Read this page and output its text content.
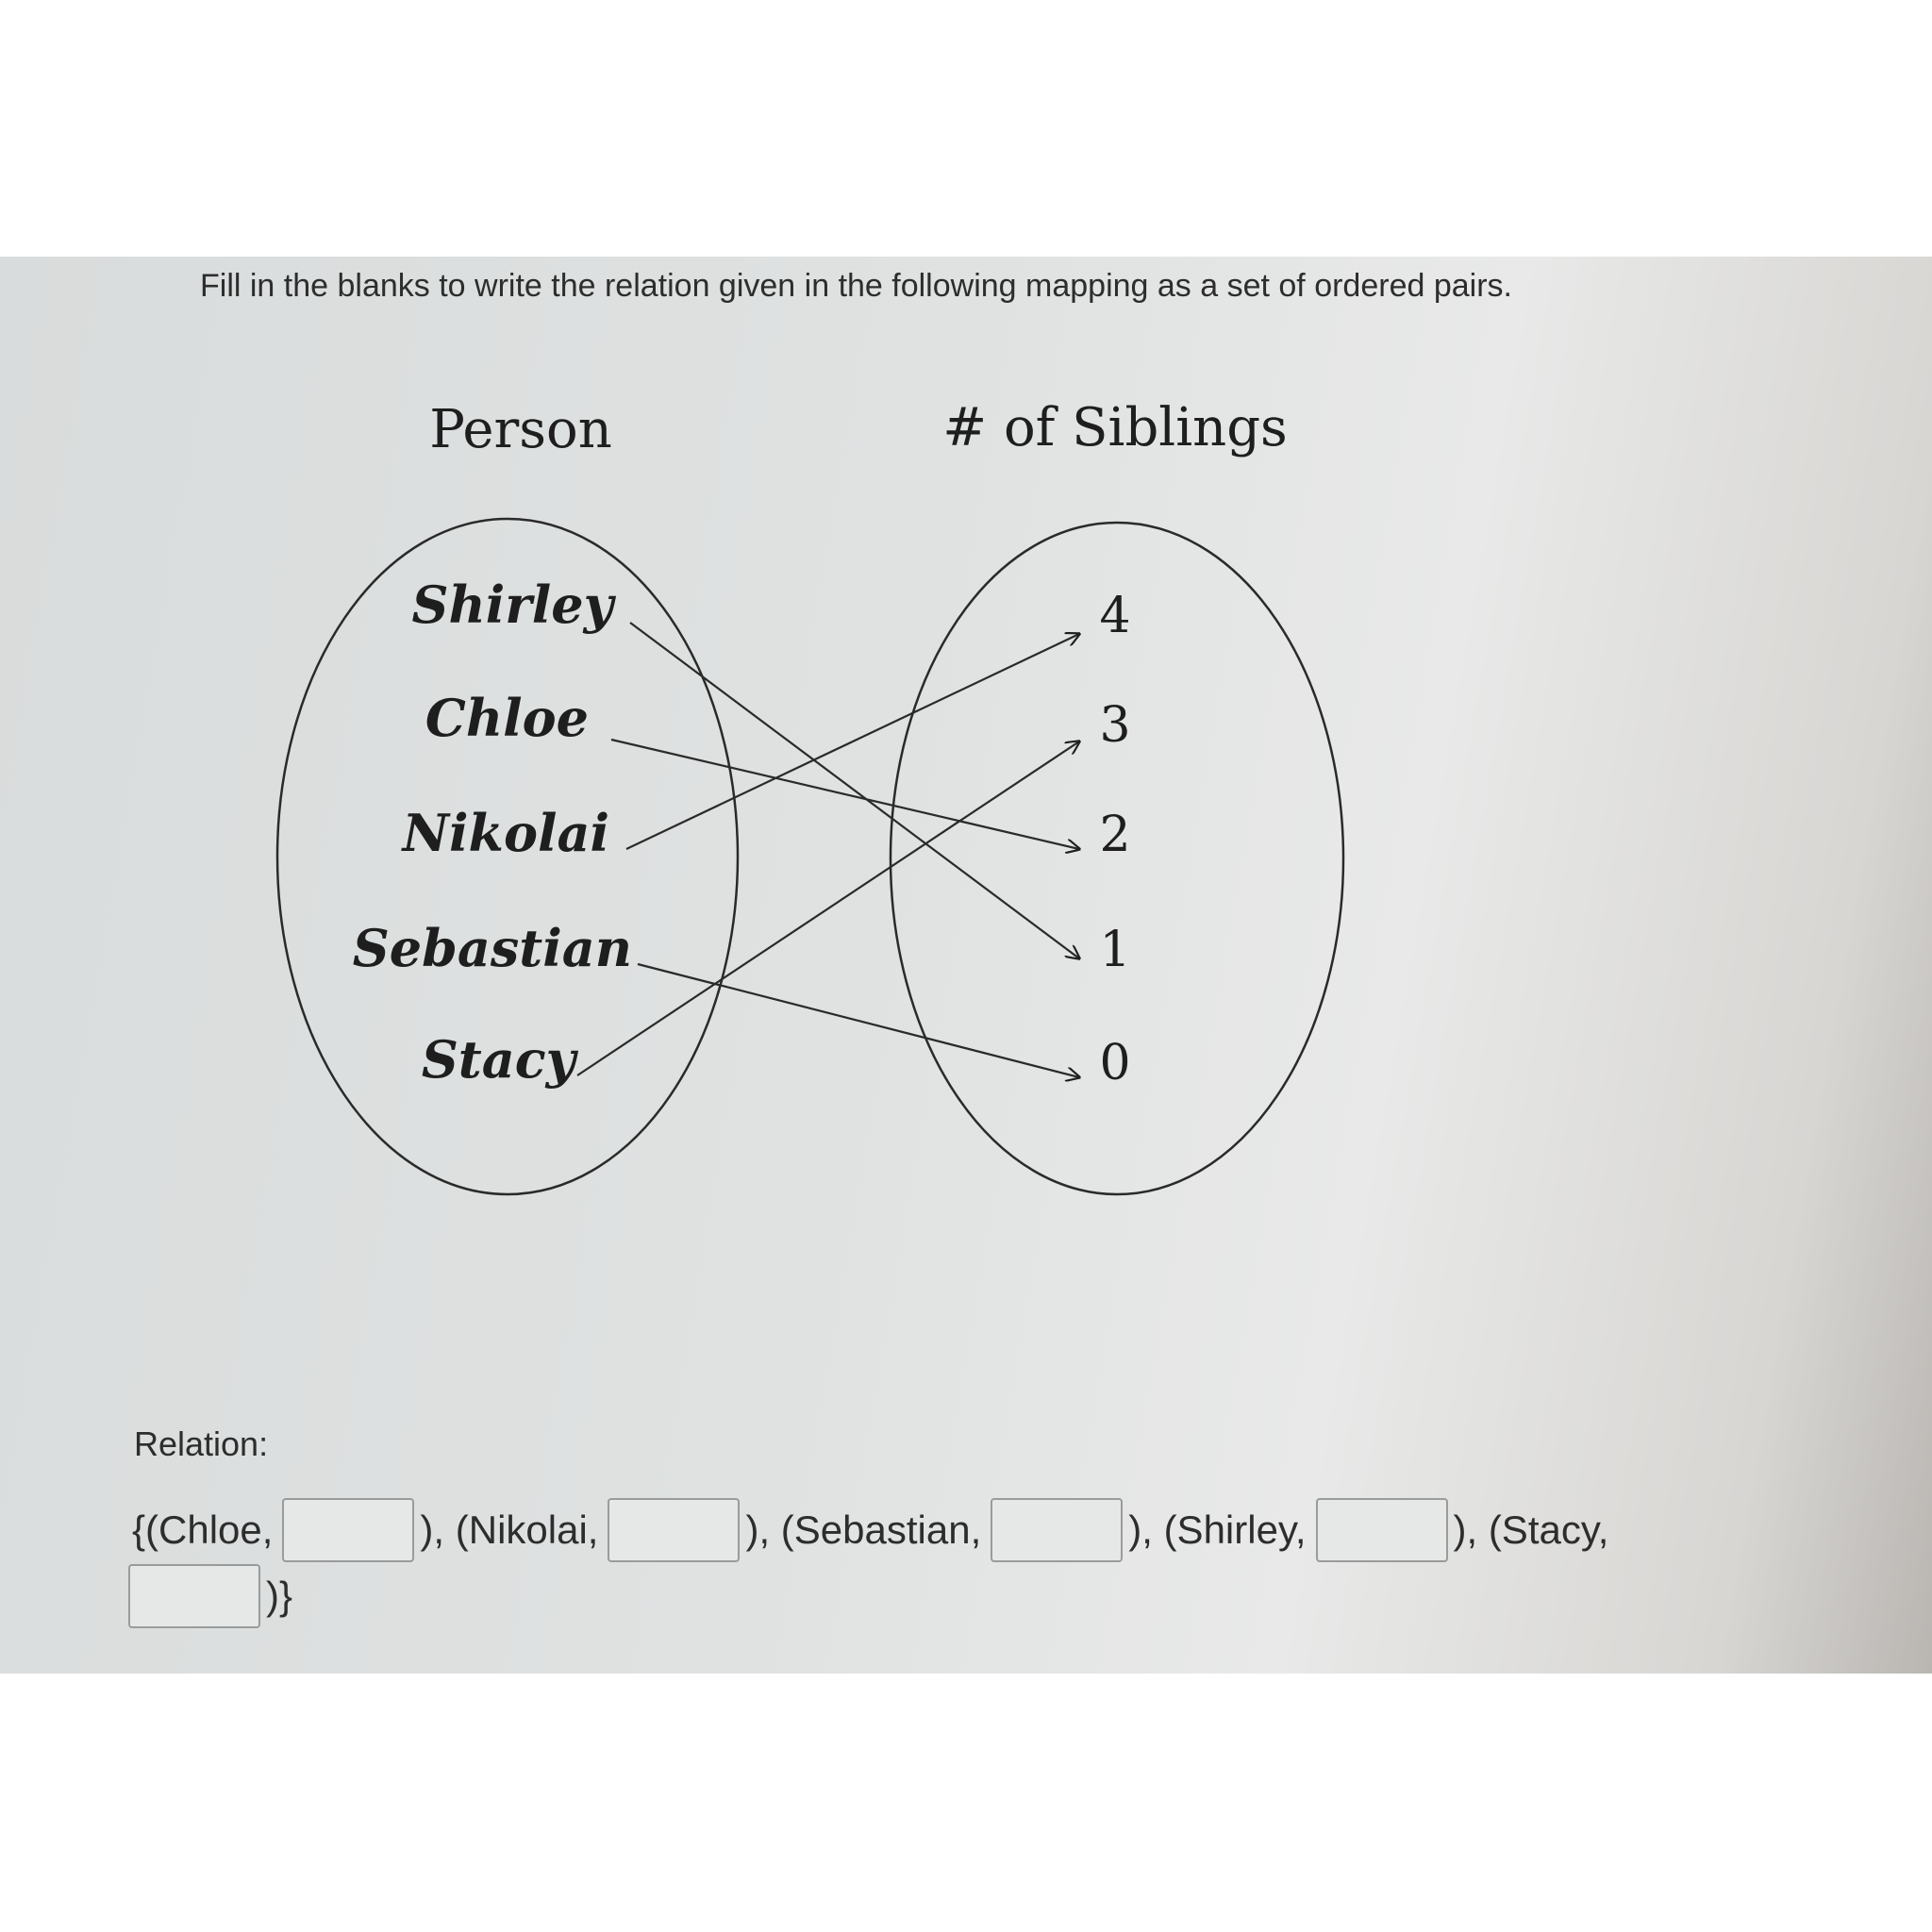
Fill in the blanks to write the relation given in the following mapping as a set of ordered pairs.
Person	# of Siblings
Shirley
Chloe
Nikolai
Sebastian
Stacy
4
3
2
1
0
Relation:
{(Chloe,	), (Nikolai,	), (Sebastian,	), (Shirley,	), (Stacy,
)}
